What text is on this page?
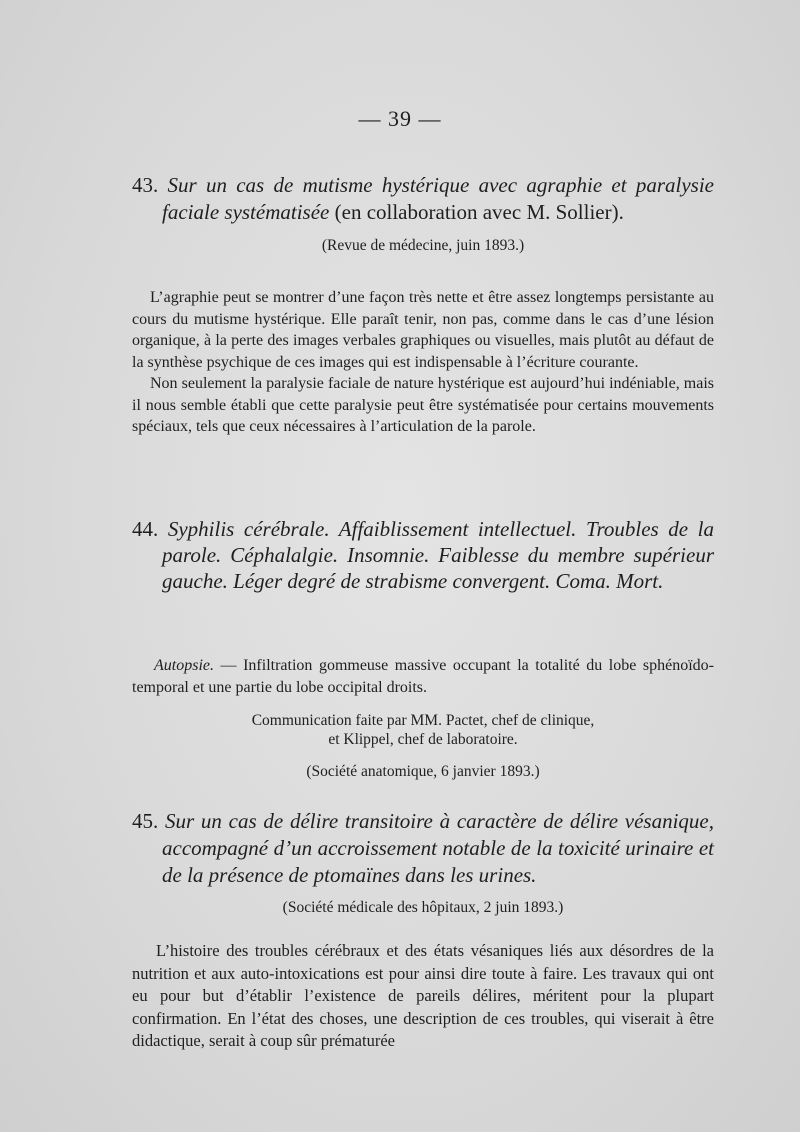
— 39 —
43. Sur un cas de mutisme hystérique avec agraphie et paralysie faciale systématisée (en collaboration avec M. Sollier).
(Revue de médecine, juin 1893.)

L’agraphie peut se montrer d’une façon très nette et être assez longtemps persistante au cours du mutisme hystérique. Elle paraît tenir, non pas, comme dans le cas d’une lésion organique, à la perte des images verbales graphiques ou visuelles, mais plutôt au défaut de la synthèse psychique de ces images qui est indispensable à l’écriture courante.

Non seulement la paralysie faciale de nature hystérique est aujourd’hui indéniable, mais il nous semble établi que cette paralysie peut être systématisée pour certains mouvements spéciaux, tels que ceux nécessaires à l’articulation de la parole.

44. Syphilis cérébrale. Affaiblissement intellectuel. Troubles de la parole. Céphalalgie. Insomnie. Faiblesse du membre supérieur gauche. Léger degré de strabisme convergent. Coma. Mort.
Autopsie. — Infiltration gommeuse massive occupant la totalité du lobe sphénoïdo-temporal et une partie du lobe occipital droits.
Communication faite par MM. Pactet, chef de clinique,
et Klippel, chef de laboratoire.
(Société anatomique, 6 janvier 1893.)
45. Sur un cas de délire transitoire à caractère de délire vésanique, accompagné d’un accroissement notable de la toxicité urinaire et de la présence de ptomaïnes dans les urines.
(Société médicale des hôpitaux, 2 juin 1893.)

L’histoire des troubles cérébraux et des états vésaniques liés aux désordres de la nutrition et aux auto-intoxications est pour ainsi dire toute à faire. Les travaux qui ont eu pour but d’établir l’existence de pareils délires, méritent pour la plupart confirmation. En l’état des choses, une description de ces troubles, qui viserait à être didactique, serait à coup sûr prématurée
